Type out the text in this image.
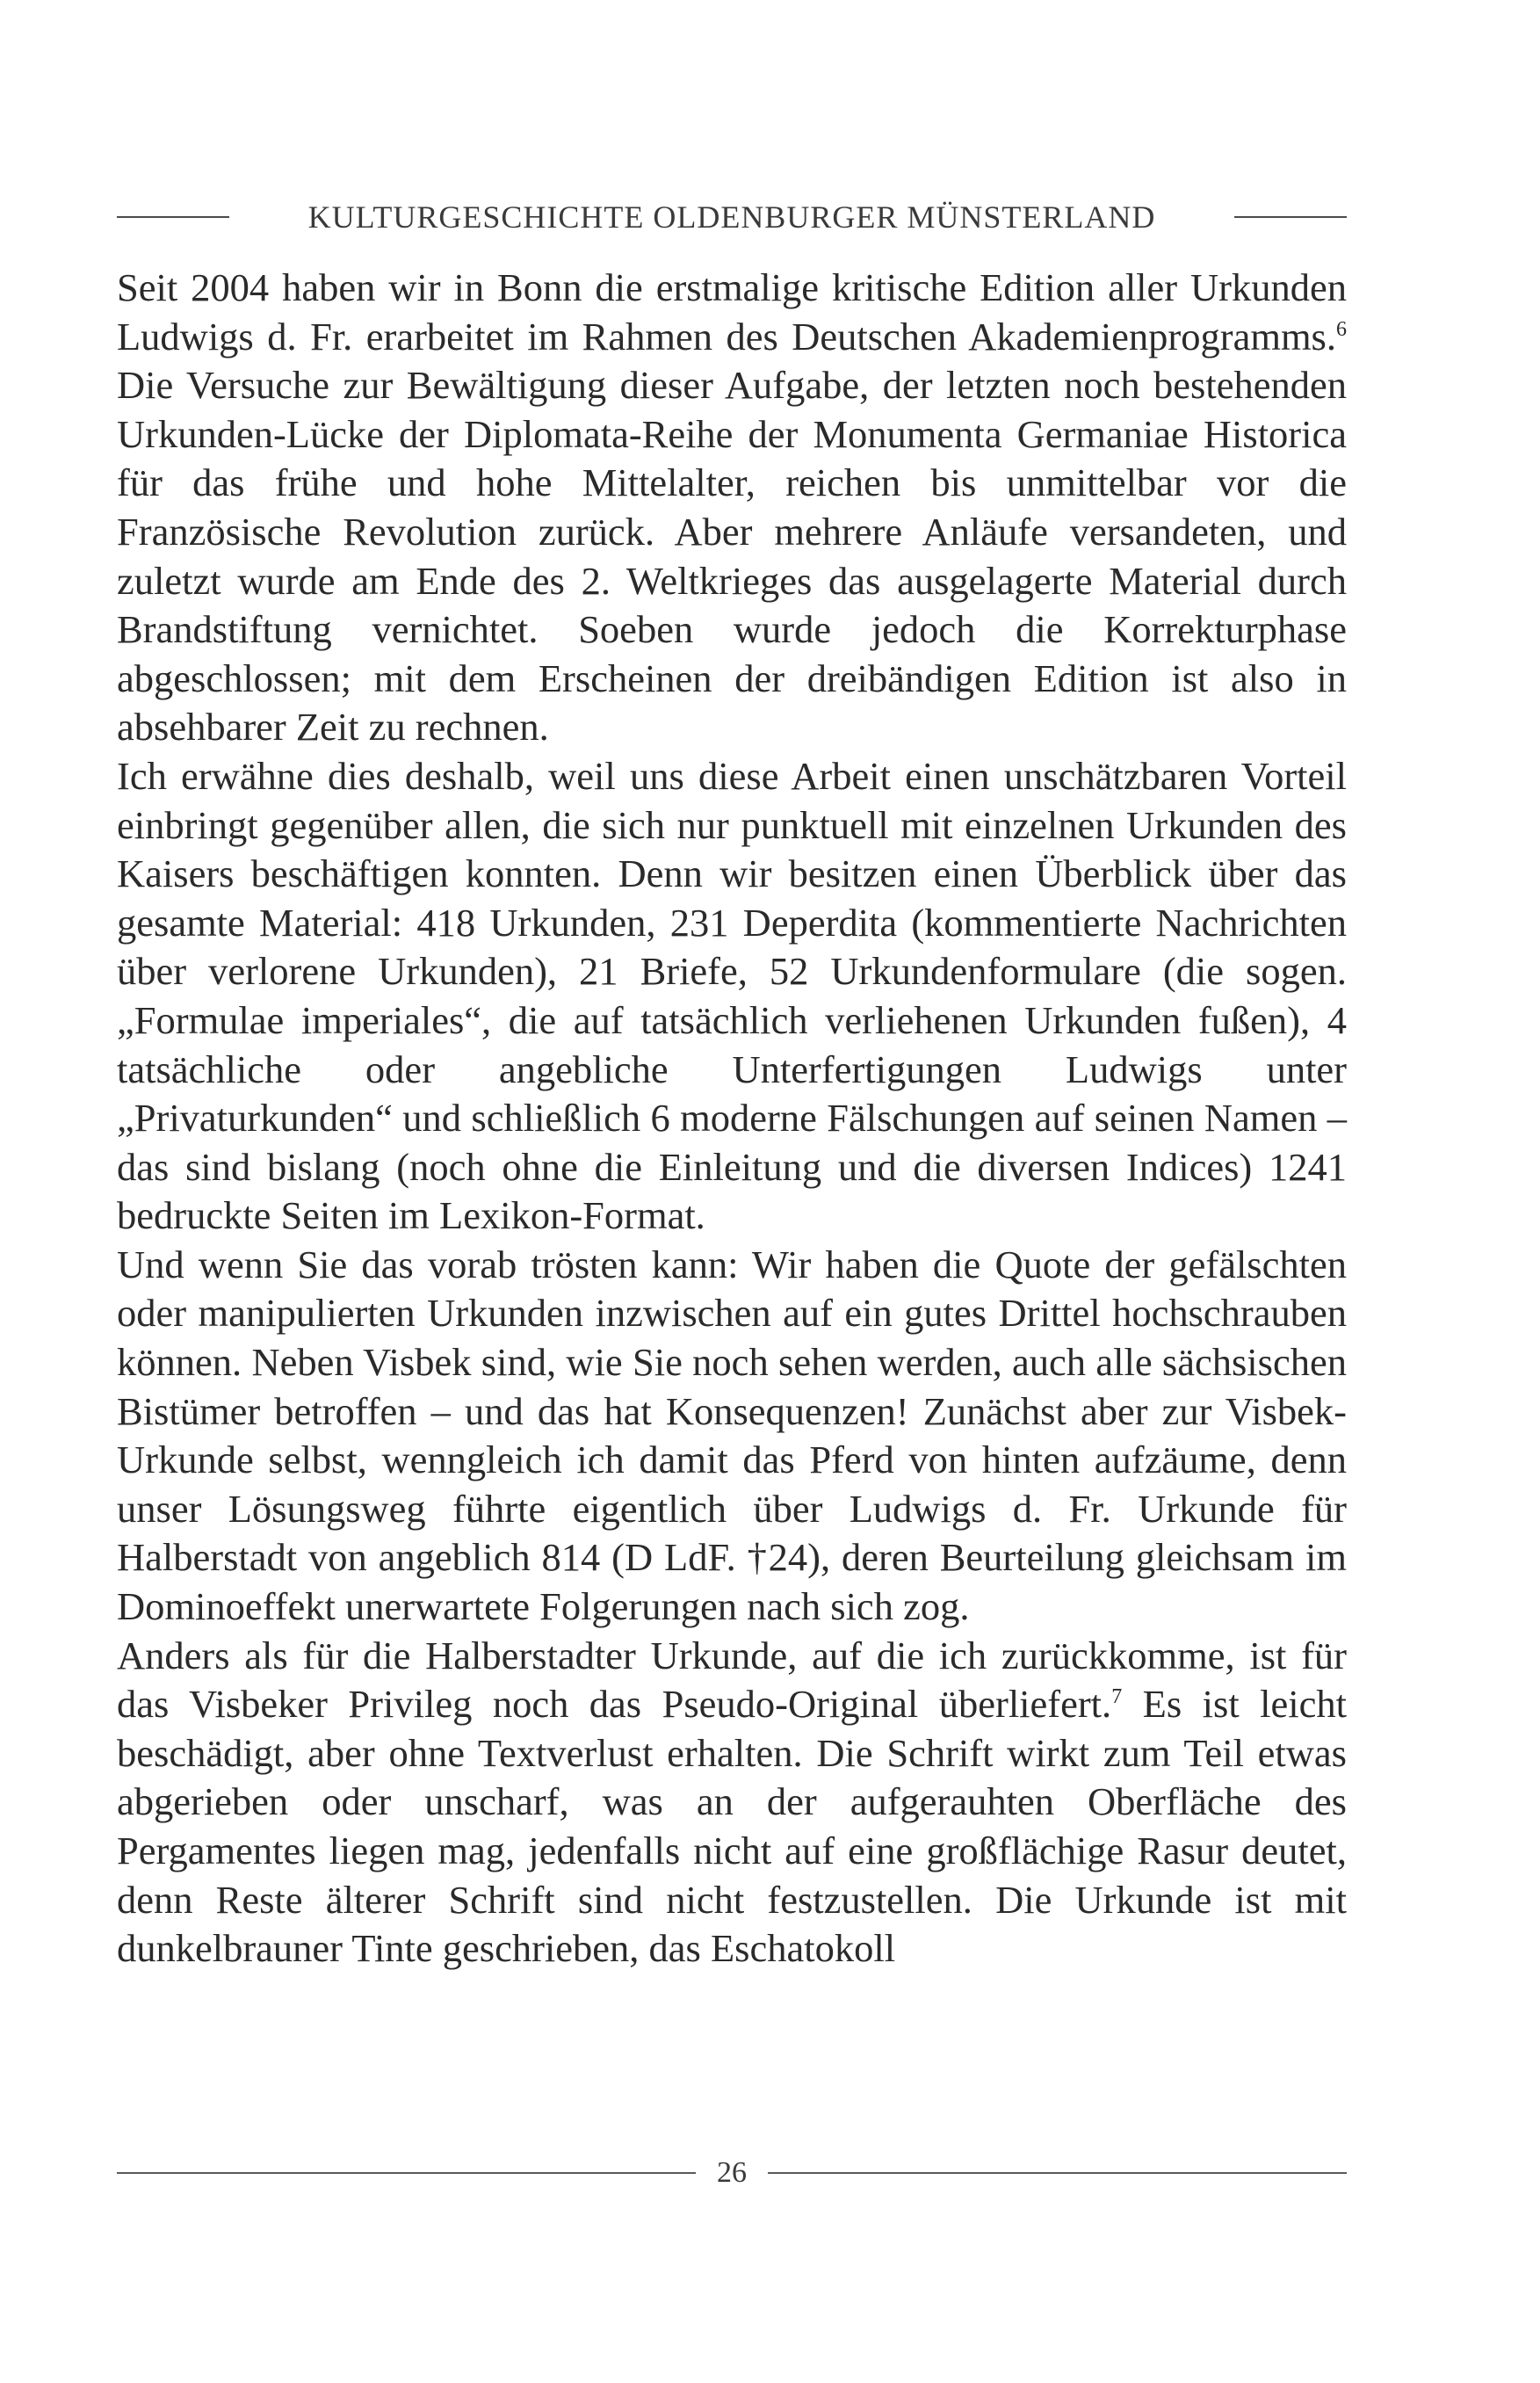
KULTURGESCHICHTE OLDENBURGER MÜNSTERLAND

Seit 2004 haben wir in Bonn die erstmalige kritische Edition aller Urkunden Ludwigs d. Fr. erarbeitet im Rahmen des Deutschen Akademienprogramms.$^6$ Die Versuche zur Bewältigung dieser Aufgabe, der letzten noch bestehenden Urkunden-Lücke der Diplomata-Reihe der Monumenta Germaniae Historica für das frühe und hohe Mittelalter, reichen bis unmittelbar vor die Französische Revolution zurück. Aber mehrere Anläufe versandeten, und zuletzt wurde am Ende des 2. Weltkrieges das ausgelagerte Material durch Brandstiftung vernichtet. Soeben wurde jedoch die Korrekturphase abgeschlossen; mit dem Erscheinen der dreibändigen Edition ist also in absehbarer Zeit zu rechnen.

Ich erwähne dies deshalb, weil uns diese Arbeit einen unschätzbaren Vorteil einbringt gegenüber allen, die sich nur punktuell mit einzelnen Urkunden des Kaisers beschäftigen konnten. Denn wir besitzen einen Überblick über das gesamte Material: 418 Urkunden, 231 Deperdita (kommentierte Nachrichten über verlorene Urkunden), 21 Briefe, 52 Urkundenformulare (die sogen. „Formulae imperiales“, die auf tatsächlich verliehenen Urkunden fußen), 4 tatsächliche oder angebliche Unterfertigungen Ludwigs unter „Privaturkunden“ und schließlich 6 moderne Fälschungen auf seinen Namen – das sind bislang (noch ohne die Einleitung und die diversen Indices) 1241 bedruckte Seiten im Lexikon-Format.

Und wenn Sie das vorab trösten kann: Wir haben die Quote der gefälschten oder manipulierten Urkunden inzwischen auf ein gutes Drittel hochschrauben können. Neben Visbek sind, wie Sie noch sehen werden, auch alle sächsischen Bistümer betroffen – und das hat Konsequenzen! Zunächst aber zur Visbek-Urkunde selbst, wenngleich ich damit das Pferd von hinten aufzäume, denn unser Lösungsweg führte eigentlich über Ludwigs d. Fr. Urkunde für Halberstadt von angeblich 814 (D LdF. †24), deren Beurteilung gleichsam im Dominoeffekt unerwartete Folgerungen nach sich zog.

Anders als für die Halberstadter Urkunde, auf die ich zurückkomme, ist für das Visbeker Privileg noch das Pseudo-Original überliefert.$^7$ Es ist leicht beschädigt, aber ohne Textverlust erhalten. Die Schrift wirkt zum Teil etwas abgerieben oder unscharf, was an der aufgerauhten Oberfläche des Pergamentes liegen mag, jedenfalls nicht auf eine großflächige Rasur deutet, denn Reste älterer Schrift sind nicht festzustellen. Die Urkunde ist mit dunkelbrauner Tinte geschrieben, das Eschatokoll

26
